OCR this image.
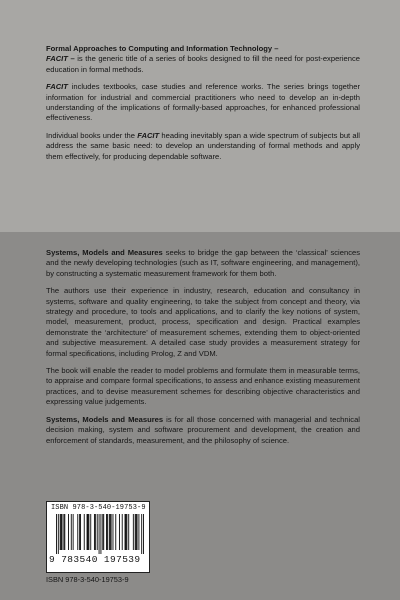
Formal Approaches to Computing and Information Technology –
FACIT – is the generic title of a series of books designed to fill the need for post-experience education in formal methods.

FACIT includes textbooks, case studies and reference works. The series brings together information for industrial and commercial practitioners who need to develop an in-depth understanding of the implications of formally-based approaches, for enhanced professional effectiveness.

Individual books under the FACIT heading inevitably span a wide spectrum of subjects but all address the same basic need: to develop an understanding of formal methods and apply them effectively, for producing dependable software.

Systems, Models and Measures seeks to bridge the gap between the ‘classical’ sciences and the newly developing technologies (such as IT, software engineering, and management), by constructing a systematic measurement framework for them both.

The authors use their experience in industry, research, education and consultancy in systems, software and quality engineering, to take the subject from concept and theory, via strategy and procedure, to tools and applications, and to clarify the key notions of system, model, measurement, product, process, specification and design. Practical examples demonstrate the ‘architecture’ of measurement schemes, extending them to object-oriented and subjective measurement. A detailed case study provides a measurement strategy for formal specifications, including Prolog, Z and VDM.

The book will enable the reader to model problems and formulate them in measurable terms, to appraise and compare formal specifications, to assess and enhance existing measurement practices, and to devise measurement schemes for describing objective characteristics and expressing value judgements.

Systems, Models and Measures is for all those concerned with managerial and technical decision making, system and software procurement and development, the creation and enforcement of standards, measurement, and the philosophy of science.

ISBN 978-3-540-19753-9
9 783540 197539
ISBN 978-3-540-19753-9
